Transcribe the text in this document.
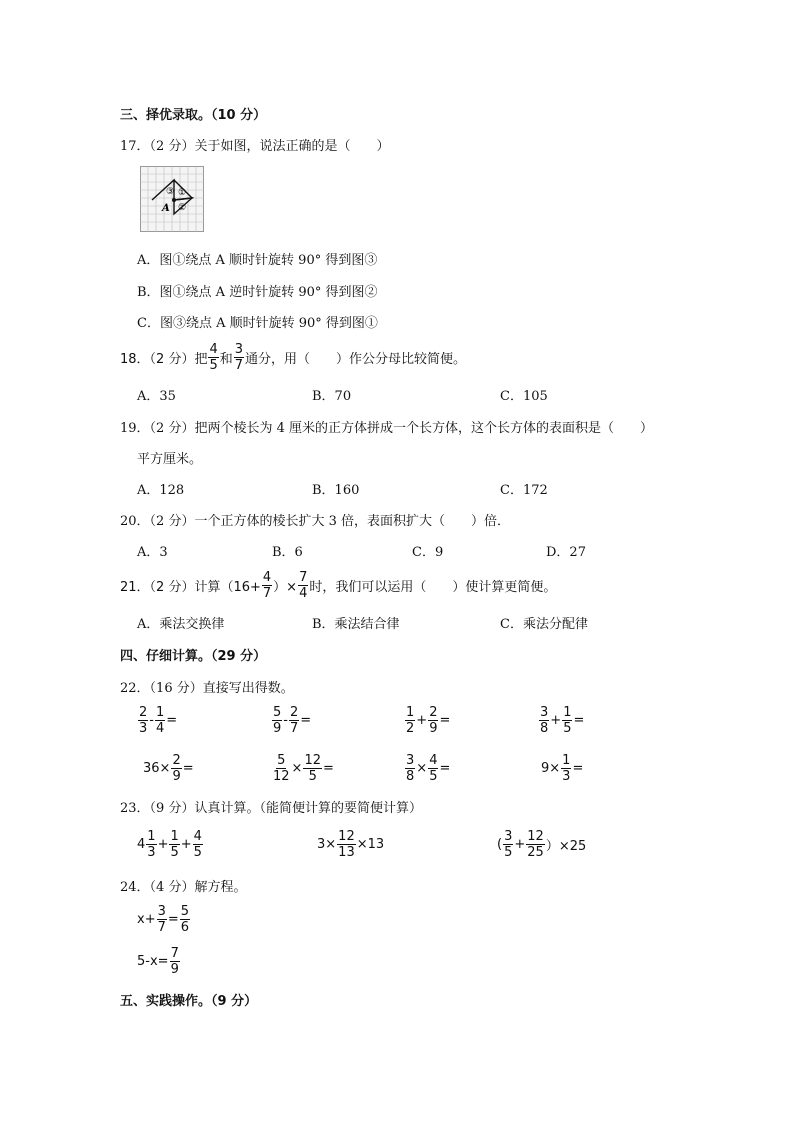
三、择优录取。（10 分）
17．（2 分）关于如图，说法正确的是（　　）
③ ①
②
A
A．图①绕点 A 顺时针旋转 90° 得到图③
B．图①绕点 A 逆时针旋转 90° 得到图②
C．图③绕点 A 顺时针旋转 90° 得到图①
18．（2 分）把 $\frac{4}{5}$ 和 $\frac{3}{7}$ 通分，用（　　）作公分母比较简便。
A．35	B．70	C．105
19．（2 分）把两个棱长为 4 厘米的正方体拼成一个长方体，这个长方体的表面积是（　　）
平方厘米。
A．128	B．160	C．172
20．（2 分）一个正方体的棱长扩大 3 倍，表面积扩大（　　）倍．
A．3	B．6	C．9	D．27
21．（2 分）计算（$16+ \frac{4}{7}$ ）× $\frac{7}{4}$ 时，我们可以运用（　　）使计算更简便。
A．乘法交换律	B．乘法结合律	C．乘法分配律
四、仔细计算。（29 分）
22．（16 分）直接写出得数。
$\frac{2}{3} - \frac{1}{4}$ =	$\frac{5}{9} - \frac{2}{7}$ =	$\frac{1}{2} + \frac{2}{9}$ =	$\frac{3}{8} + \frac{1}{5}$ =
$36\times \frac{2}{9}$ =	$\frac{5}{12} \times \frac{12}{5}$ =	$\frac{3}{8} \times \frac{4}{5}$ =	$9\times \frac{1}{3}$ =
23．（9 分）认真计算。（能简便计算的要简便计算）
$4 \frac{1}{3} + \frac{1}{5} + \frac{4}{5}$	$3\times \frac{12}{13} \times 13$	( $\frac{3}{5} + \frac{12}{25} )\times 25$
24．（4 分）解方程。
$x+ \frac{3}{7} = \frac{5}{6}$
$5-x= \frac{7}{9}$
五、实践操作。（9 分）
